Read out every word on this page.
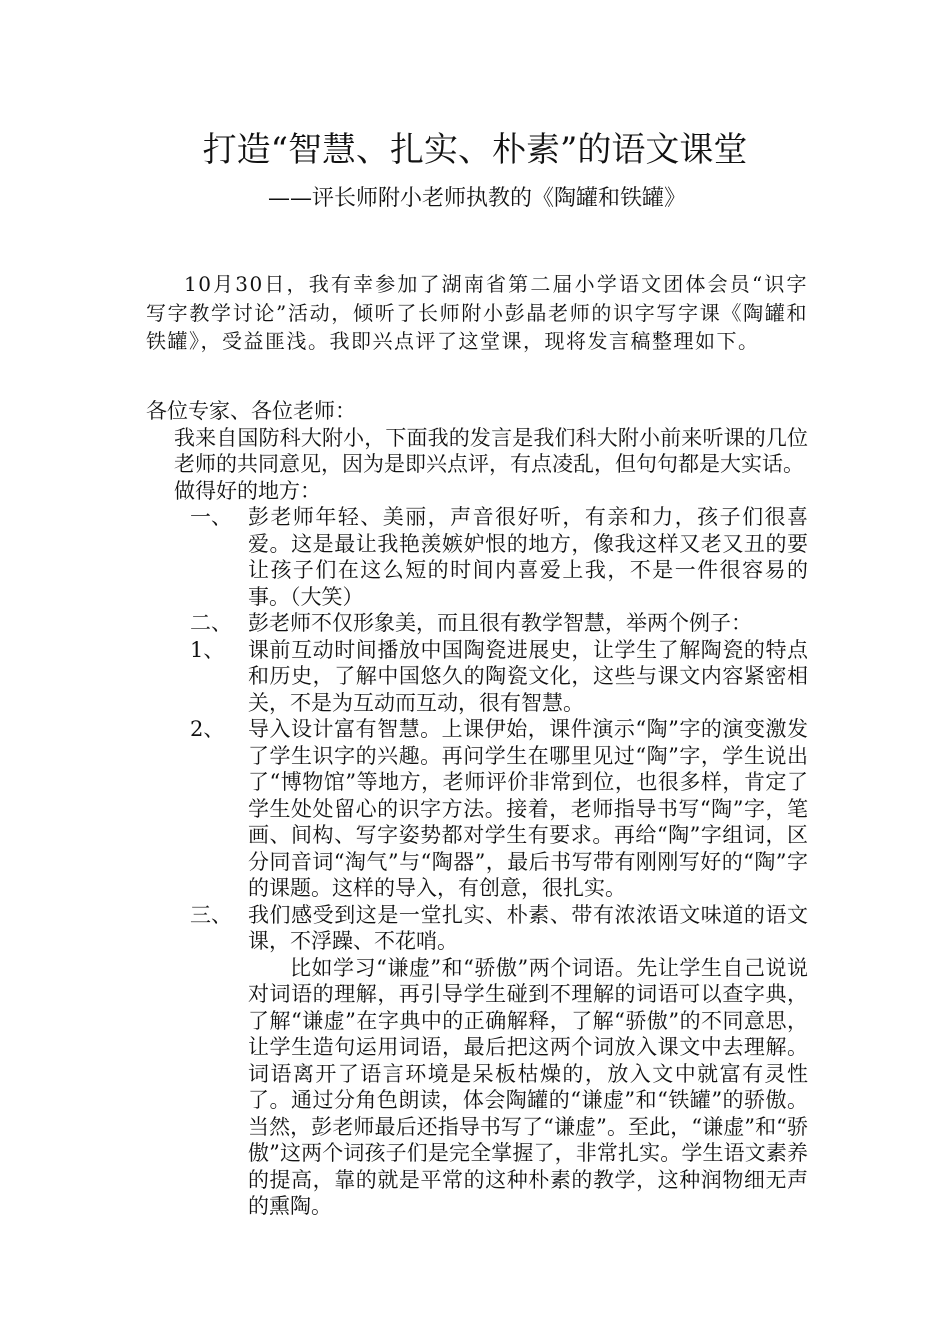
打造“智慧、扎实、朴素”的语文课堂
——评长师附小老师执教的《陶罐和铁罐》

10月30日，我有幸参加了湖南省第二届小学语文团体会员“识字写字教学讨论”活动，倾听了长师附小彭晶老师的识字写字课《陶罐和铁罐》，受益匪浅。我即兴点评了这堂课，现将发言稿整理如下。

各位专家、各位老师：

我来自国防科大附小，下面我的发言是我们科大附小前来听课的几位老师的共同意见，因为是即兴点评，有点凌乱，但句句都是大实话。

做得好的地方：

一、 彭老师年轻、美丽，声音很好听，有亲和力，孩子们很喜爱。这是最让我艳羡嫉妒恨的地方，像我这样又老又丑的要让孩子们在这么短的时间内喜爱上我，不是一件很容易的事。（大笑）
二、 彭老师不仅形象美，而且很有教学智慧，举两个例子：
1、	课前互动时间播放中国陶瓷进展史，让学生了解陶瓷的特点和历史，了解中国悠久的陶瓷文化，这些与课文内容紧密相关，不是为互动而互动，很有智慧。
2、	导入设计富有智慧。上课伊始，课件演示“陶”字的演变激发了学生识字的兴趣。再问学生在哪里见过“陶”字，学生说出了“博物馆”等地方，老师评价非常到位，也很多样，肯定了学生处处留心的识字方法。接着，老师指导书写“陶”字，笔画、间构、写字姿势都对学生有要求。再给“陶”字组词，区分同音词“淘气”与“陶器”，最后书写带有刚刚写好的“陶”字的课题。这样的导入，有创意，很扎实。
三、 我们感受到这是一堂扎实、朴素、带有浓浓语文味道的语文课，不浮躁、不花哨。

比如学习“谦虚”和“骄傲”两个词语。先让学生自己说说对词语的理解，再引导学生碰到不理解的词语可以查字典，了解“谦虚”在字典中的正确解释，了解“骄傲”的不同意思，让学生造句运用词语，最后把这两个词放入课文中去理解。词语离开了语言环境是呆板枯燥的，放入文中就富有灵性了。通过分角色朗读，体会陶罐的“谦虚”和“铁罐”的骄傲。当然，彭老师最后还指导书写了“谦虚”。至此，“谦虚”和“骄傲”这两个词孩子们是完全掌握了，非常扎实。学生语文素养的提高，靠的就是平常的这种朴素的教学，这种润物细无声的熏陶。
